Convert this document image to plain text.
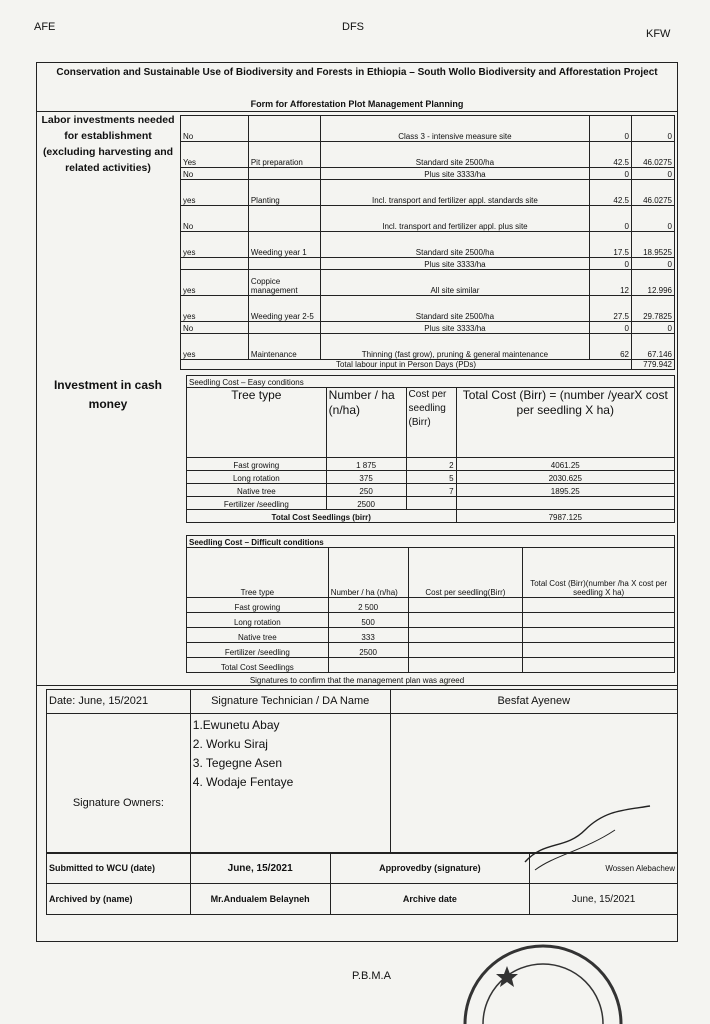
AFE	DFS
KFW
Conservation and Sustainable Use of Biodiversity and Forests in Ethiopia – South Wollo Biodiversity and Afforestation Project
Form for Afforestation Plot Management Planning
Labor investments needed for establishment (excluding harvesting and related activities)
No		Class 3 - intensive measure site	0	0
Yes	Pit preparation	Standard site 2500/ha	42.5	46.0275
No		Plus site 3333/ha	0	0
yes	Planting	Incl. transport and fertilizer appl. standards site	42.5	46.0275
No		Incl. transport and fertilizer appl. plus site	0	0
yes	Weeding year 1	Standard site 2500/ha	17.5	18.9525
		Plus site 3333/ha	0	0
yes	Coppice management	All site similar	12	12.996
yes	Weeding year 2-5	Standard site 2500/ha	27.5	29.7825
No		Plus site 3333/ha	0	0
yes	Maintenance	Thinning (fast grow), pruning & general maintenance	62	67.146
Total labour input in Person Days (PDs)				779.942
Investment in cash money
Seedling Cost – Easy conditions			
Tree type	Number / ha (n/ha)	Cost per seedling (Birr)	Total Cost (Birr) = (number /yearX cost per seedling X ha)
Fast growing	1 875	2	4061.25
Long rotation	375	5	2030.625
Native tree	250	7	1895.25
Fertilizer /seedling	2500		
Total Cost Seedlings (birr)			7987.125
Seedling Cost – Difficult conditions			
Tree type	Number / ha (n/ha)	Cost per seedling(Birr)	Total Cost (Birr)(number /ha X cost per seedling X ha)
Fast growing	2 500		
Long rotation	500		
Native tree	333		
Fertilizer /seedling	2500		
Total Cost Seedlings			
Signatures to confirm that the management plan was agreed
Date: June, 15/2021	Signature Technician / DA Name	Besfat Ayenew
Signature Owners:	1.Ewunetu Abay
2. Worku Siraj
3. Tegegne Asen
4. Wodaje Fentaye	

Submitted to WCU (date)	June, 15/2021	Approvedby (signature)	Wossen Alebachew
Archived by (name)	Mr.Andualem Belayneh	Archive date	June, 15/2021
P.B.M.A
